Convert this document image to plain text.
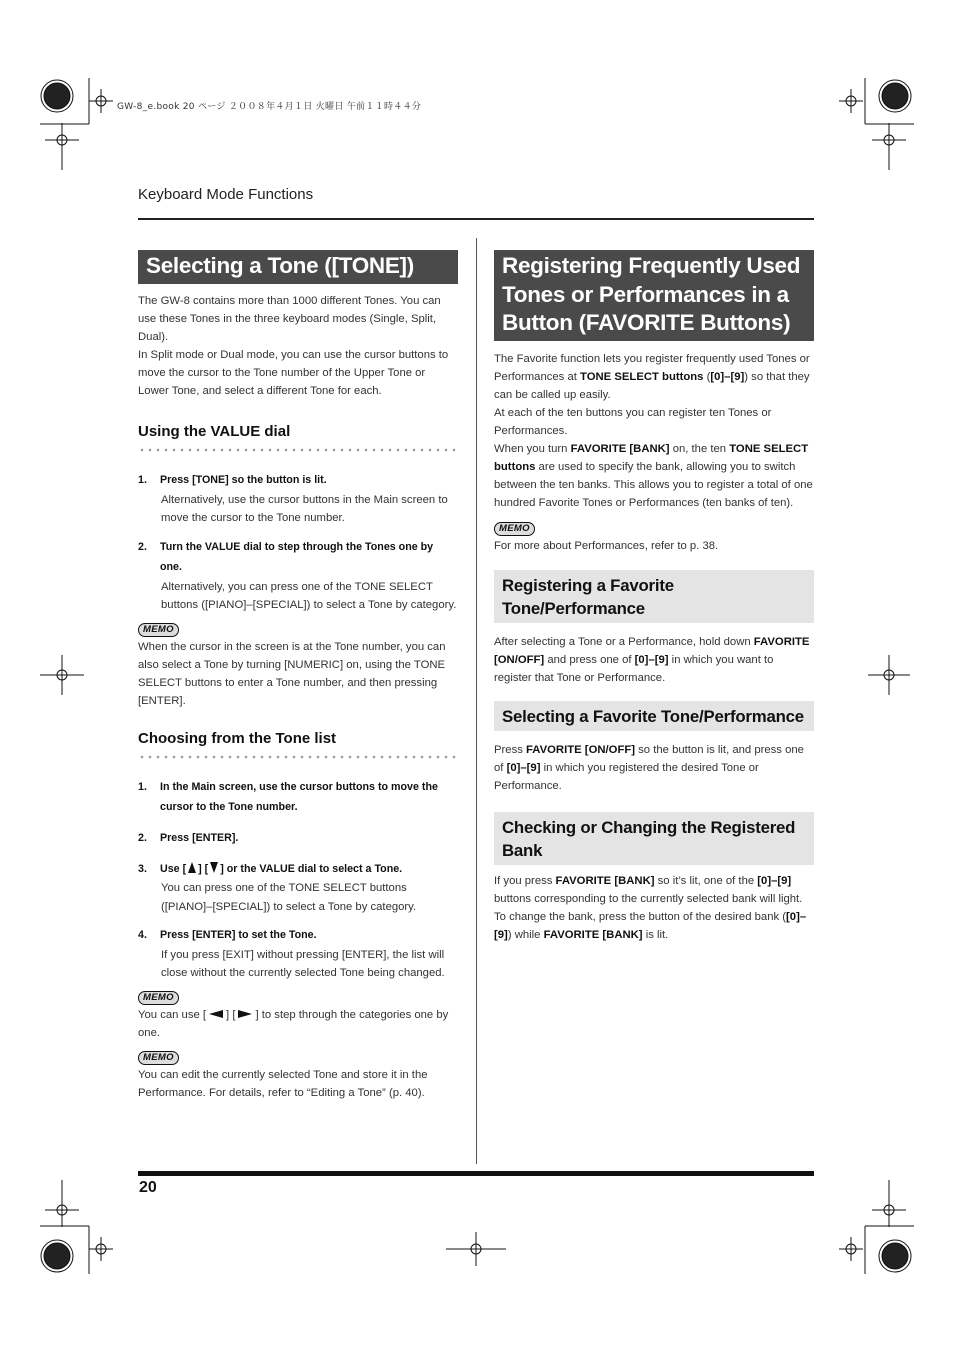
GW-8_e.book 20 ページ ２００８年４月１日 火曜日 午前１１時４４分
Keyboard Mode Functions
Selecting a Tone ([TONE])

The GW-8 contains more than 1000 different Tones. You can use these Tones in the three keyboard modes (Single, Split, Dual).

In Split mode or Dual mode, you can use the cursor buttons to move the cursor to the Tone number of the Upper Tone or Lower Tone, and select a different Tone for each.

Using the VALUE dial
1. Press [TONE] so the button is lit.

Alternatively, use the cursor buttons in the Main screen to move the cursor to the Tone number.

2. Turn the VALUE dial to step through the Tones one by one.

Alternatively, you can press one of the TONE SELECT buttons ([PIANO]–[SPECIAL]) to select a Tone by category.

MEMO

When the cursor in the screen is at the Tone number, you can also select a Tone by turning [NUMERIC] on, using the TONE SELECT buttons to enter a Tone number, and then pressing [ENTER].

Choosing from the Tone list
1. In the Main screen, use the cursor buttons to move the cursor to the Tone number.
2. Press [ENTER].
3. Use [ ] [ ] or the VALUE dial to select a Tone.

You can press one of the TONE SELECT buttons ([PIANO]–[SPECIAL]) to select a Tone by category.

4. Press [ENTER] to set the Tone.

If you press [EXIT] without pressing [ENTER], the list will close without the currently selected Tone being changed.

MEMO

You can use [ ] [ ] to step through the categories one by one.

MEMO

You can edit the currently selected Tone and store it in the Performance. For details, refer to “Editing a Tone” (p. 40).

Registering Frequently Used Tones or Performances in a Button (FAVORITE Buttons)

The Favorite function lets you register frequently used Tones or Performances at TONE SELECT buttons ([0]–[9]) so that they can be called up easily.

At each of the ten buttons you can register ten Tones or Performances.

When you turn FAVORITE [BANK] on, the ten TONE SELECT buttons are used to specify the bank, allowing you to switch between the ten banks. This allows you to register a total of one hundred Favorite Tones or Performances (ten banks of ten).

MEMO

For more about Performances, refer to p. 38.

Registering a Favorite Tone/Performance

After selecting a Tone or a Performance, hold down FAVORITE [ON/OFF] and press one of [0]–[9] in which you want to register that Tone or Performance.

Selecting a Favorite Tone/Performance

Press FAVORITE [ON/OFF] so the button is lit, and press one of [0]–[9] in which you registered the desired Tone or Performance.

Checking or Changing the Registered Bank

If you press FAVORITE [BANK] so it’s lit, one of the [0]–[9] buttons corresponding to the currently selected bank will light.

To change the bank, press the button of the desired bank ([0]–[9]) while FAVORITE [BANK] is lit.

20
